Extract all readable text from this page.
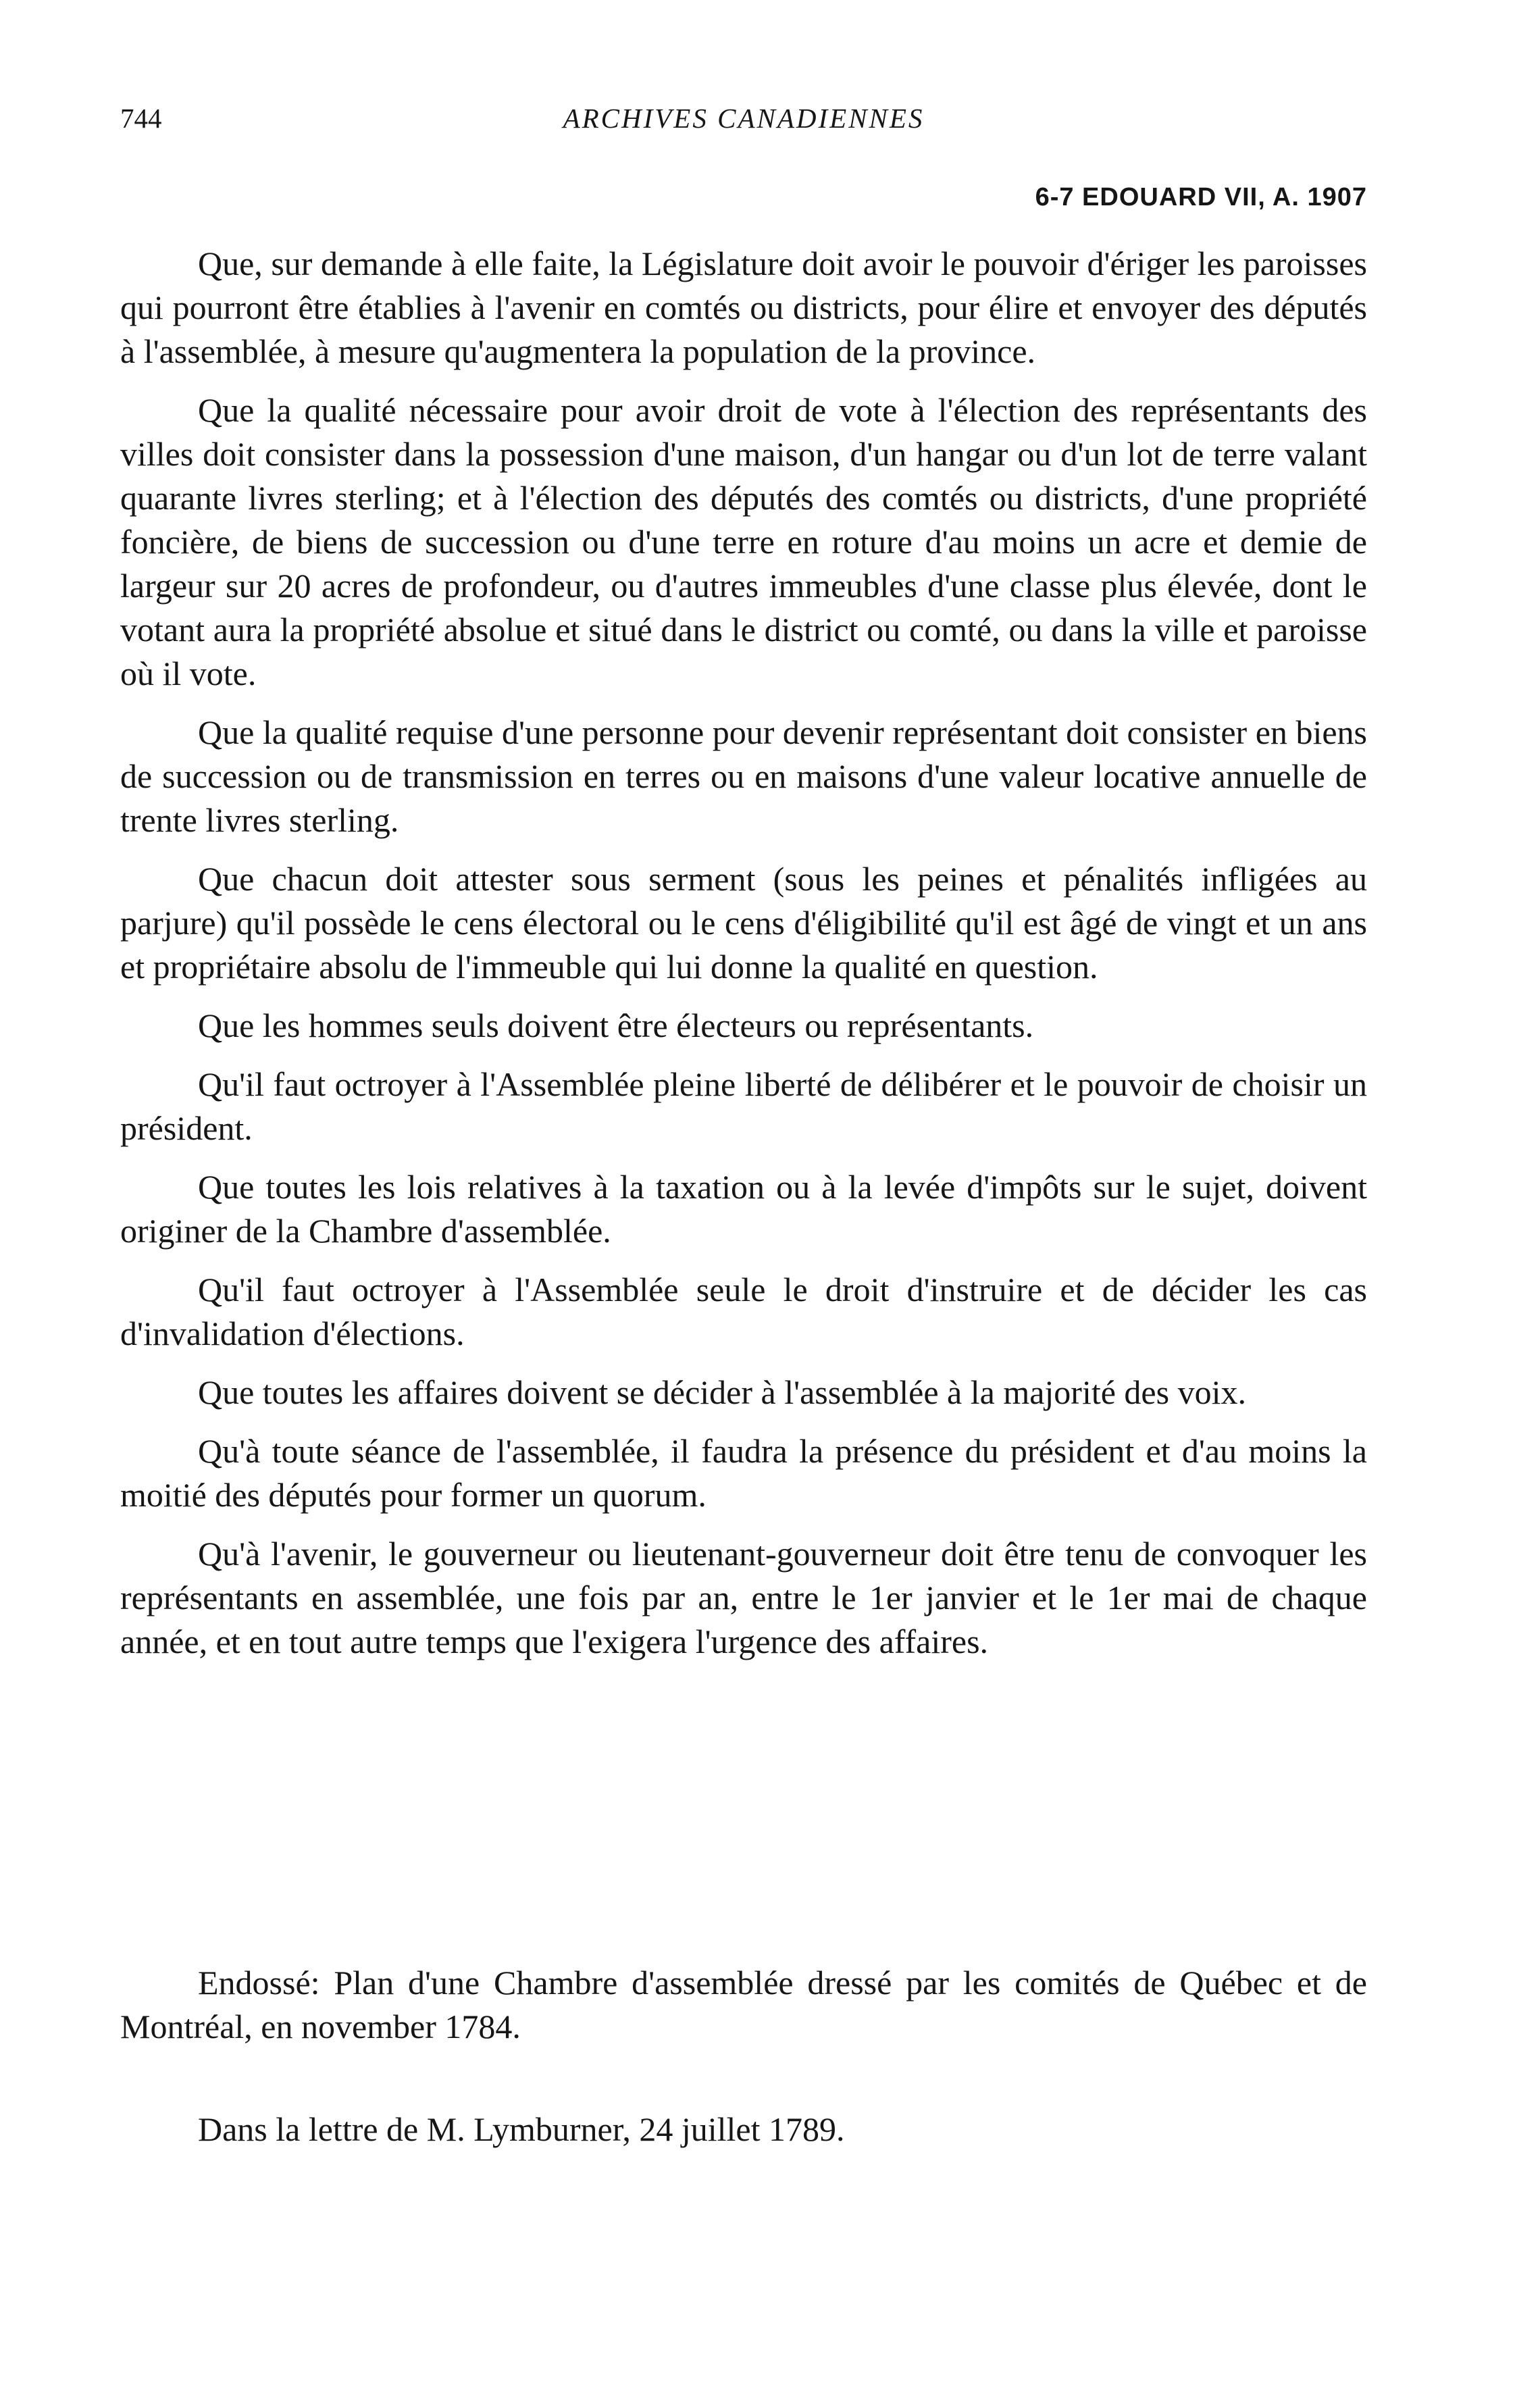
744	ARCHIVES CANADIENNES
6-7 EDOUARD VII, A. 1907

Que, sur demande à elle faite, la Législature doit avoir le pouvoir d'ériger les paroisses qui pourront être établies à l'avenir en comtés ou districts, pour élire et envoyer des députés à l'assemblée, à mesure qu'augmentera la population de la province.

Que la qualité nécessaire pour avoir droit de vote à l'élection des représentants des villes doit consister dans la possession d'une maison, d'un hangar ou d'un lot de terre valant quarante livres sterling; et à l'élection des députés des comtés ou districts, d'une propriété foncière, de biens de succession ou d'une terre en roture d'au moins un acre et demie de largeur sur 20 acres de profondeur, ou d'autres immeubles d'une classe plus élevée, dont le votant aura la propriété absolue et situé dans le district ou comté, ou dans la ville et paroisse où il vote.

Que la qualité requise d'une personne pour devenir représentant doit consister en biens de succession ou de transmission en terres ou en maisons d'une valeur locative annuelle de trente livres sterling.

Que chacun doit attester sous serment (sous les peines et pénalités infligées au parjure) qu'il possède le cens électoral ou le cens d'éligibilité qu'il est âgé de vingt et un ans et propriétaire absolu de l'immeuble qui lui donne la qualité en question.

Que les hommes seuls doivent être électeurs ou représentants.

Qu'il faut octroyer à l'Assemblée pleine liberté de délibérer et le pouvoir de choisir un président.

Que toutes les lois relatives à la taxation ou à la levée d'impôts sur le sujet, doivent originer de la Chambre d'assemblée.

Qu'il faut octroyer à l'Assemblée seule le droit d'instruire et de décider les cas d'invalidation d'élections.

Que toutes les affaires doivent se décider à l'assemblée à la majorité des voix.

Qu'à toute séance de l'assemblée, il faudra la présence du président et d'au moins la moitié des députés pour former un quorum.

Qu'à l'avenir, le gouverneur ou lieutenant-gouverneur doit être tenu de convoquer les représentants en assemblée, une fois par an, entre le 1er janvier et le 1er mai de chaque année, et en tout autre temps que l'exigera l'urgence des affaires.

Endossé: Plan d'une Chambre d'assemblée dressé par les comités de Québec et de Montréal, en november 1784.

Dans la lettre de M. Lymburner, 24 juillet 1789.
